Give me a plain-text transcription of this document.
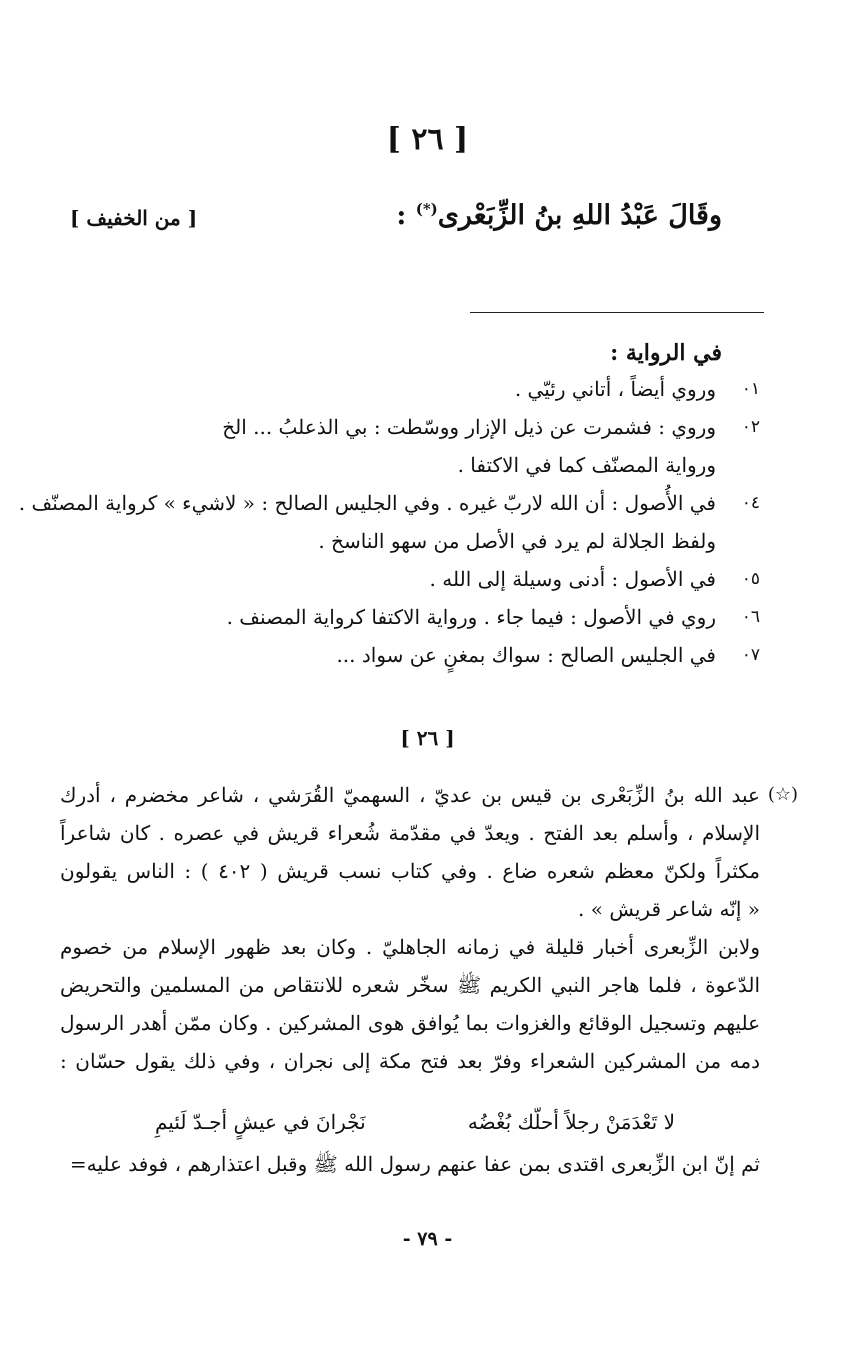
[ ٢٦ ]
وقَالَ عَبْدُ اللهِ بنُ الزِّبَعْرى(*) :
[ من الخفيف ]
في الرواية :
٠١
وروي أيضاً ، أتاني رئيّي .
٠٢
وروي : فشمرت عن ذيل الإزار ووسّطت : بي الذعلبُ ... الخ
ورواية المصنّف كما في الاكتفا .
٠٤
في الأُصول : أن الله لاربّ غيره . وفي الجليس الصالح : « لاشيء » كرواية المصنّف .
ولفظ الجلالة لم يرد في الأصل من سهو الناسخ .
٠٥
في الأصول : أدنى وسيلة إلى الله .
٠٦
روي في الأصول : فيما جاء . ورواية الاكتفا كرواية المصنف .
٠٧
في الجليس الصالح : سواك بمغنٍ عن سواد ...
[ ٢٦ ]
(☆)

عبد الله بنُ الزِّبَعْرى بن قيس بن عديّ ، السهميّ القُرَشي ، شاعر مخضرم ، أدرك
الإسلام ، وأسلم بعد الفتح . ويعدّ في مقدّمة شُعراء قريش في عصره . كان شاعراً
مكثراً ولكنّ معظم شعره ضاع . وفي كتاب نسب قريش ( ٤٠٢ ) : الناس يقولون
« إنّه شاعر قريش » .

ولابن الزِّبعرى أخبار قليلة في زمانه الجاهليّ . وكان بعد ظهور الإسلام من خصوم
الدّعوة ، فلما هاجر النبي الكريم ﷺ سخّر شعره للانتقاص من المسلمين والتحريض
عليهم وتسجيل الوقائع والغزوات بما يُوافق هوى المشركين . وكان ممّن أهدر الرسول
دمه من المشركين الشعراء وفرّ بعد فتح مكة إلى نجران ، وفي ذلك يقول حسّان :

لا تَعْدَمَنْ رجلاً أحلّك بُغْضُه
نَجْرانَ في عيشٍ أجـدّ لَئيمِ
ثم إنّ ابن الزِّبعرى اقتدى بمن عفا عنهم رسول الله ﷺ وقبل اعتذارهم ، فوفد عليه=
- ٧٩ -
